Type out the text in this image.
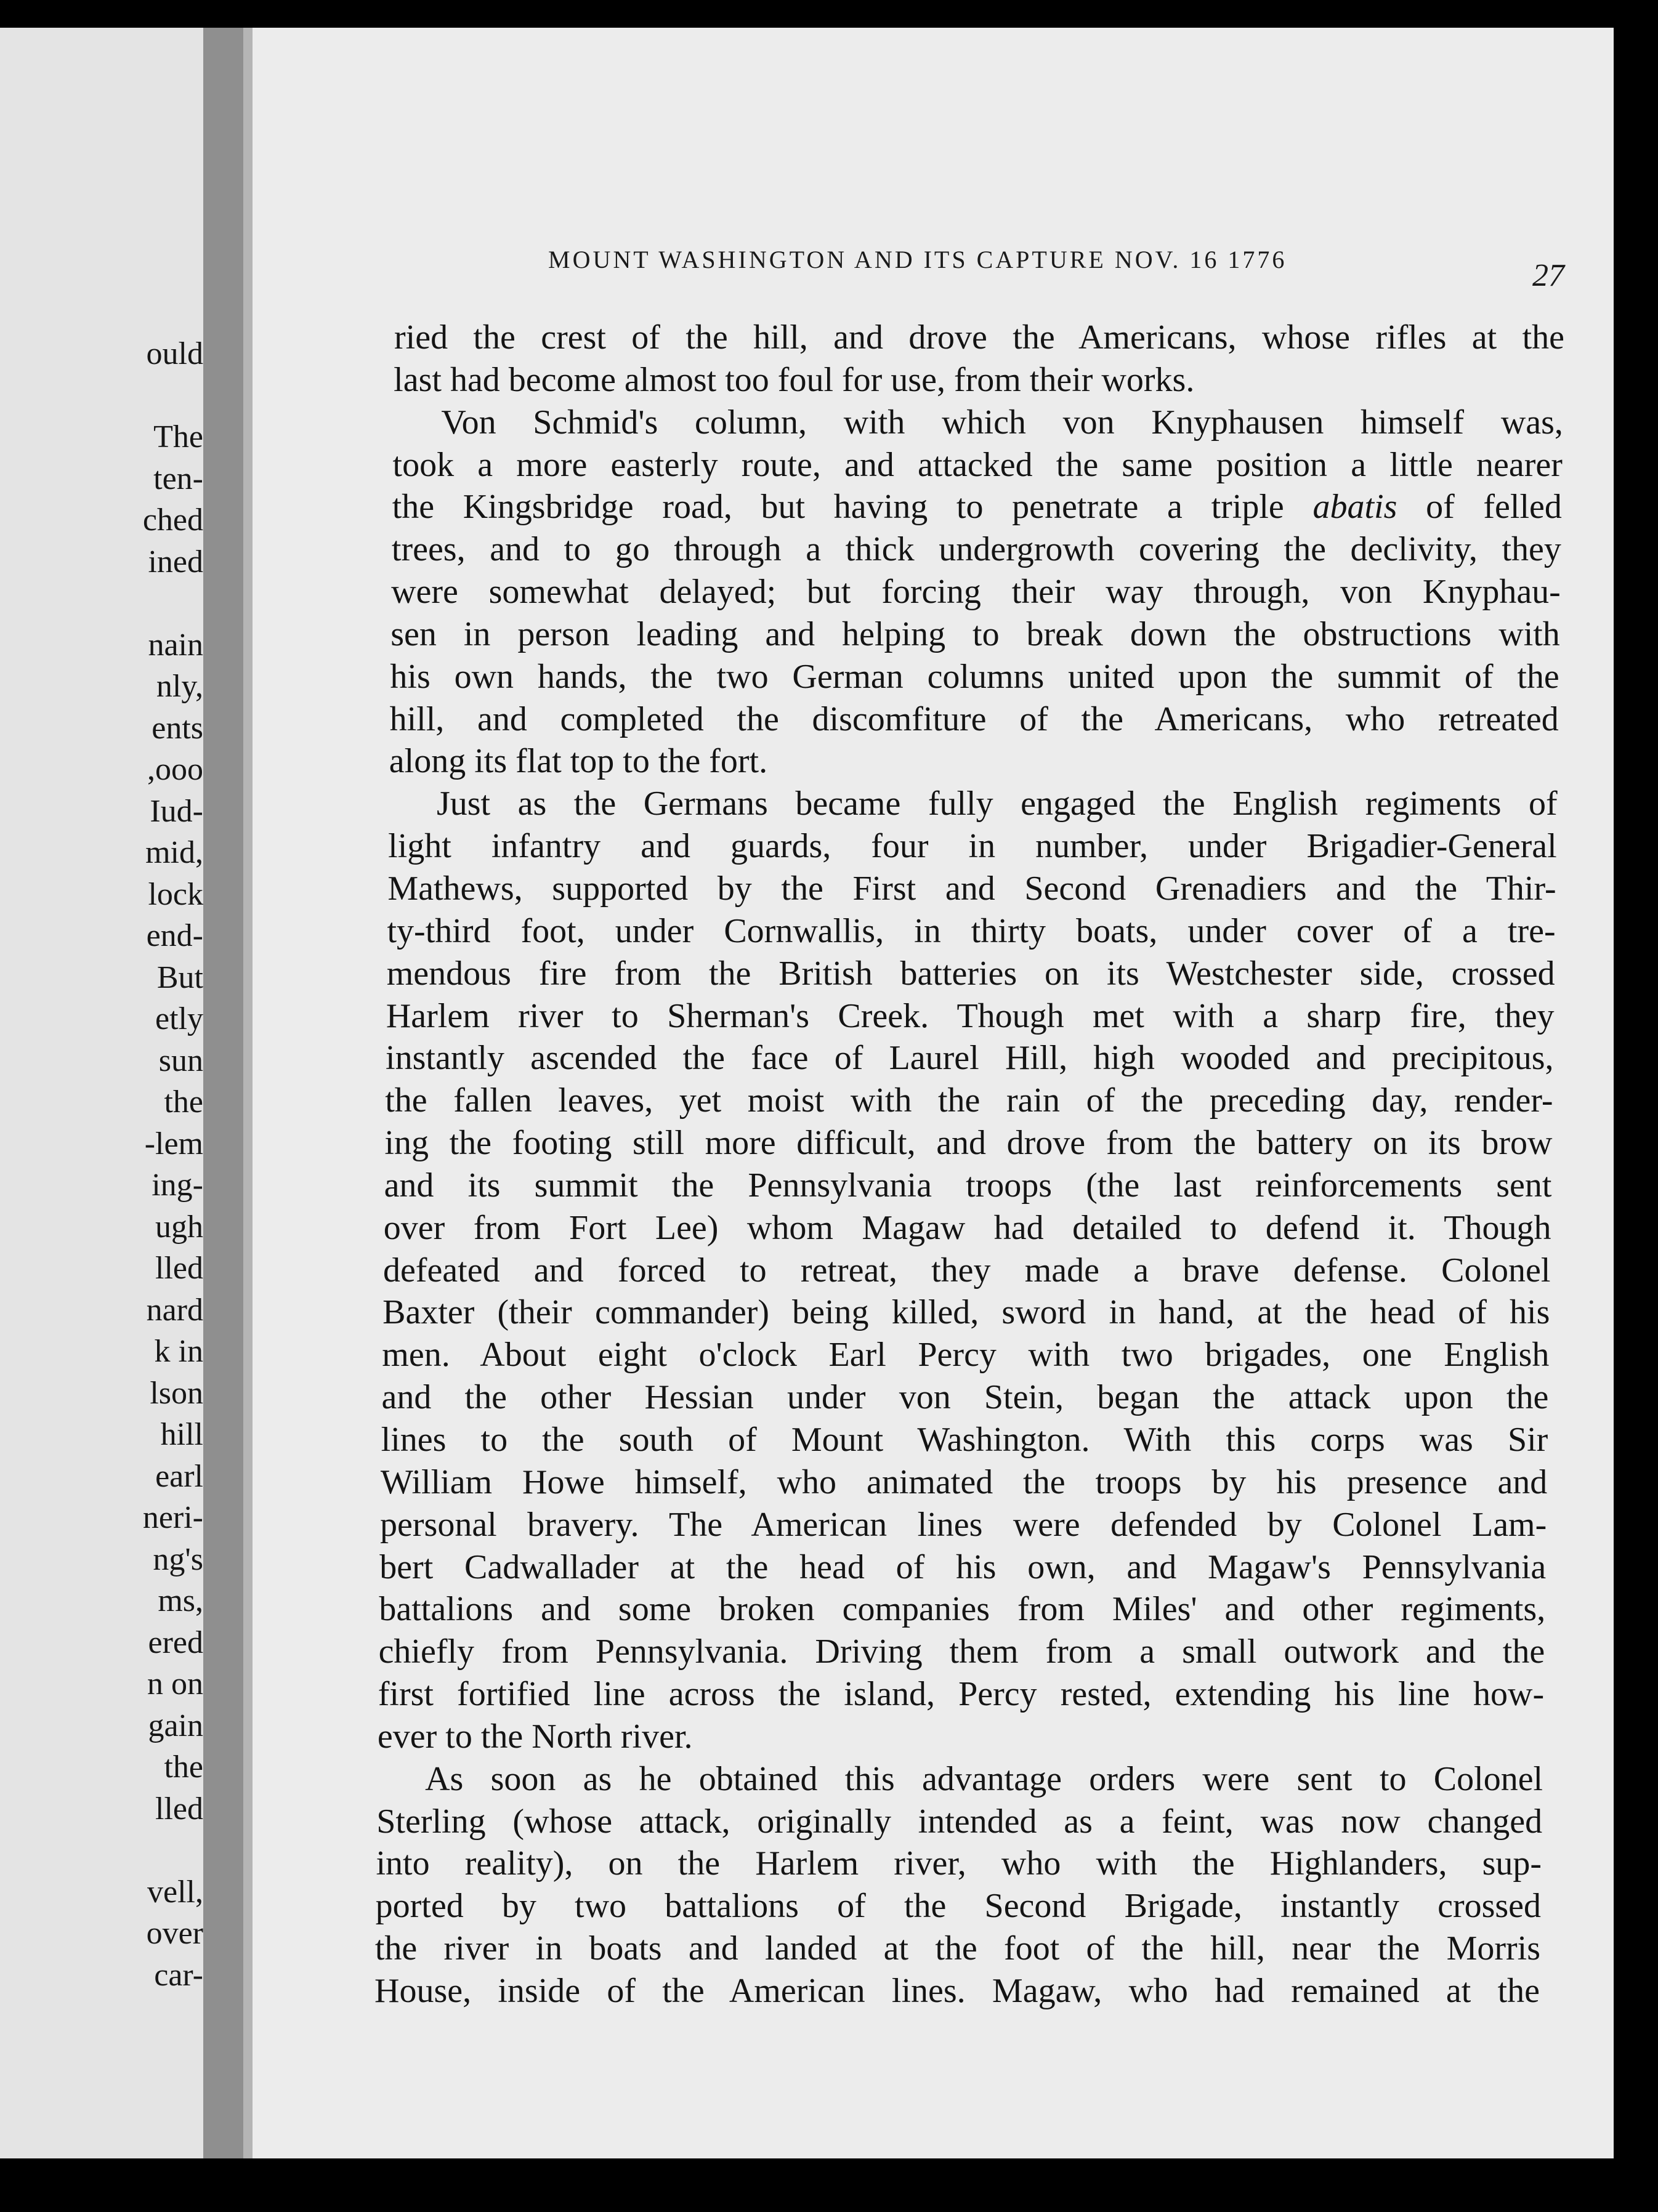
ould
The
ten-
ched
ined
nain
nly,
ents
,ooo
Iud-
mid,
lock
end-
But
etly
sun
the
-lem
ing-
ugh
lled
nard
k in
lson
hill
earl
neri-
ng's
ms,
ered
n on
gain
the
lled
vell,
over
car-
MOUNT WASHINGTON AND ITS CAPTURE NOV. 16 1776	27
ried the crest of the hill, and drove the Americans, whose rifles at the
last had become almost too foul for use, from their works.
Von Schmid's column, with which von Knyphausen himself was,
took a more easterly route, and attacked the same position a little nearer
the Kingsbridge road, but having to penetrate a triple abatis of felled
trees, and to go through a thick undergrowth covering the declivity, they
were somewhat delayed; but forcing their way through, von Knyphau-
sen in person leading and helping to break down the obstructions with
his own hands, the two German columns united upon the summit of the
hill, and completed the discomfiture of the Americans, who retreated
along its flat top to the fort.
Just as the Germans became fully engaged the English regiments of
light infantry and guards, four in number, under Brigadier-General
Mathews, supported by the First and Second Grenadiers and the Thir-
ty-third foot, under Cornwallis, in thirty boats, under cover of a tre-
mendous fire from the British batteries on its Westchester side, crossed
Harlem river to Sherman's Creek. Though met with a sharp fire, they
instantly ascended the face of Laurel Hill, high wooded and precipitous,
the fallen leaves, yet moist with the rain of the preceding day, render-
ing the footing still more difficult, and drove from the battery on its brow
and its summit the Pennsylvania troops (the last reinforcements sent
over from Fort Lee) whom Magaw had detailed to defend it. Though
defeated and forced to retreat, they made a brave defense. Colonel
Baxter (their commander) being killed, sword in hand, at the head of his
men. About eight o'clock Earl Percy with two brigades, one English
and the other Hessian under von Stein, began the attack upon the
lines to the south of Mount Washington. With this corps was Sir
William Howe himself, who animated the troops by his presence and
personal bravery. The American lines were defended by Colonel Lam-
bert Cadwallader at the head of his own, and Magaw's Pennsylvania
battalions and some broken companies from Miles' and other regiments,
chiefly from Pennsylvania. Driving them from a small outwork and the
first fortified line across the island, Percy rested, extending his line how-
ever to the North river.
As soon as he obtained this advantage orders were sent to Colonel
Sterling (whose attack, originally intended as a feint, was now changed
into reality), on the Harlem river, who with the Highlanders, sup-
ported by two battalions of the Second Brigade, instantly crossed
the river in boats and landed at the foot of the hill, near the Morris
House, inside of the American lines. Magaw, who had remained at the
